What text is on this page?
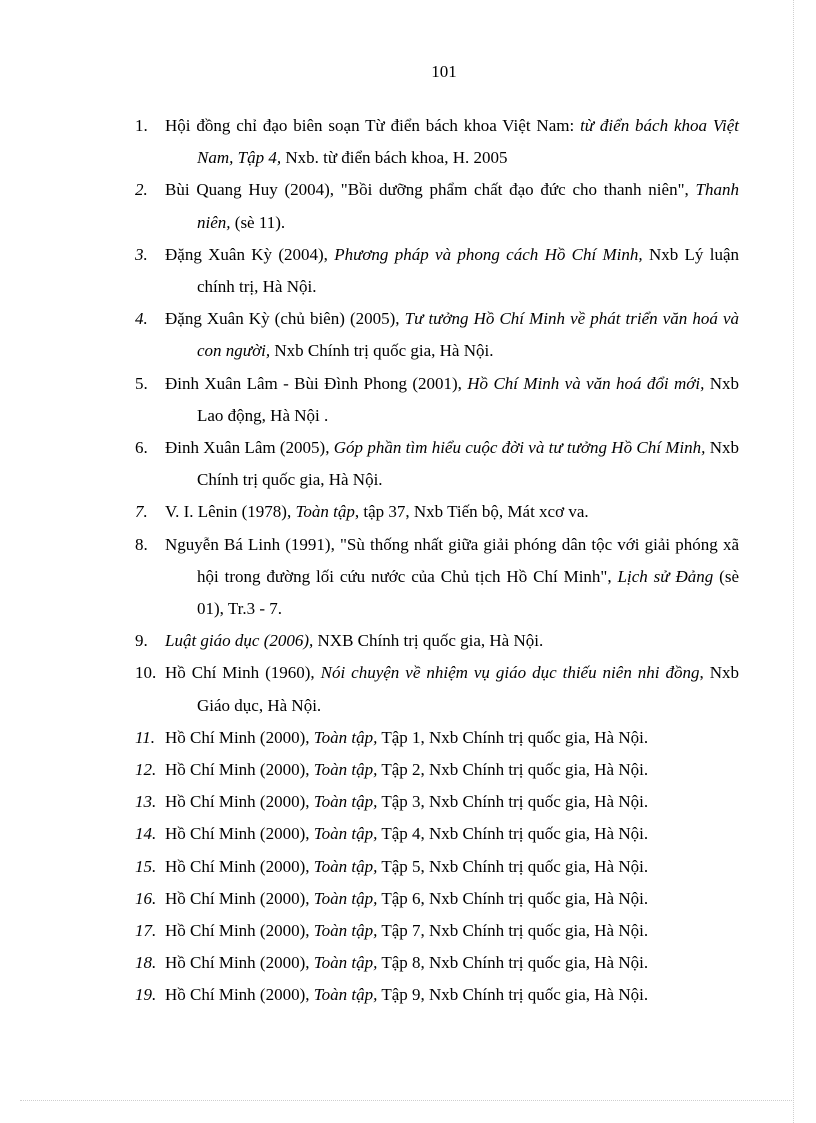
101
1. Hội đồng chỉ đạo biên soạn Từ điển bách khoa Việt Nam: từ điển bách khoa Việt Nam, Tập 4, Nxb. từ điển bách khoa, H. 2005
2. Bùi Quang Huy (2004), "Bồi dưỡng phẩm chất đạo đức cho thanh niên", Thanh niên, (sè 11).
3. Đặng Xuân Kỳ (2004), Phương pháp và phong cách Hồ Chí Minh, Nxb Lý luận chính trị, Hà Nội.
4. Đặng Xuân Kỳ (chủ biên) (2005), Tư tưởng Hồ Chí Minh về phát triển văn hoá và con người, Nxb Chính trị quốc gia, Hà Nội.
5. Đinh Xuân Lâm - Bùi Đình Phong (2001), Hồ Chí Minh và văn hoá đổi mới, Nxb Lao động, Hà Nội .
6. Đinh Xuân Lâm (2005), Góp phần tìm hiểu cuộc đời và tư tưởng Hồ Chí Minh, Nxb Chính trị quốc gia, Hà Nội.
7. V. I. Lênin (1978), Toàn tập, tập 37, Nxb Tiến bộ, Mát xcơ va.
8. Nguyễn Bá Linh (1991), "Sù thống nhất giữa giải phóng dân tộc với giải phóng xã hội trong đường lối cứu nước của Chủ tịch Hồ Chí Minh", Lịch sử Đảng (sè 01), Tr.3 - 7.
9. Luật giáo dục (2006), NXB Chính trị quốc gia, Hà Nội.
10. Hồ Chí Minh (1960), Nói chuyện về nhiệm vụ giáo dục thiếu niên nhi đồng, Nxb Giáo dục, Hà Nội.
11. Hồ Chí Minh (2000), Toàn tập, Tập 1, Nxb Chính trị quốc gia, Hà Nội.
12. Hồ Chí Minh (2000), Toàn tập, Tập 2, Nxb Chính trị quốc gia, Hà Nội.
13. Hồ Chí Minh (2000), Toàn tập, Tập 3, Nxb Chính trị quốc gia, Hà Nội.
14. Hồ Chí Minh (2000), Toàn tập, Tập 4, Nxb Chính trị quốc gia, Hà Nội.
15. Hồ Chí Minh (2000), Toàn tập, Tập 5, Nxb Chính trị quốc gia, Hà Nội.
16. Hồ Chí Minh (2000), Toàn tập, Tập 6, Nxb Chính trị quốc gia, Hà Nội.
17. Hồ Chí Minh (2000), Toàn tập, Tập 7, Nxb Chính trị quốc gia, Hà Nội.
18. Hồ Chí Minh (2000), Toàn tập, Tập 8, Nxb Chính trị quốc gia, Hà Nội.
19. Hồ Chí Minh (2000), Toàn tập, Tập 9, Nxb Chính trị quốc gia, Hà Nội.
